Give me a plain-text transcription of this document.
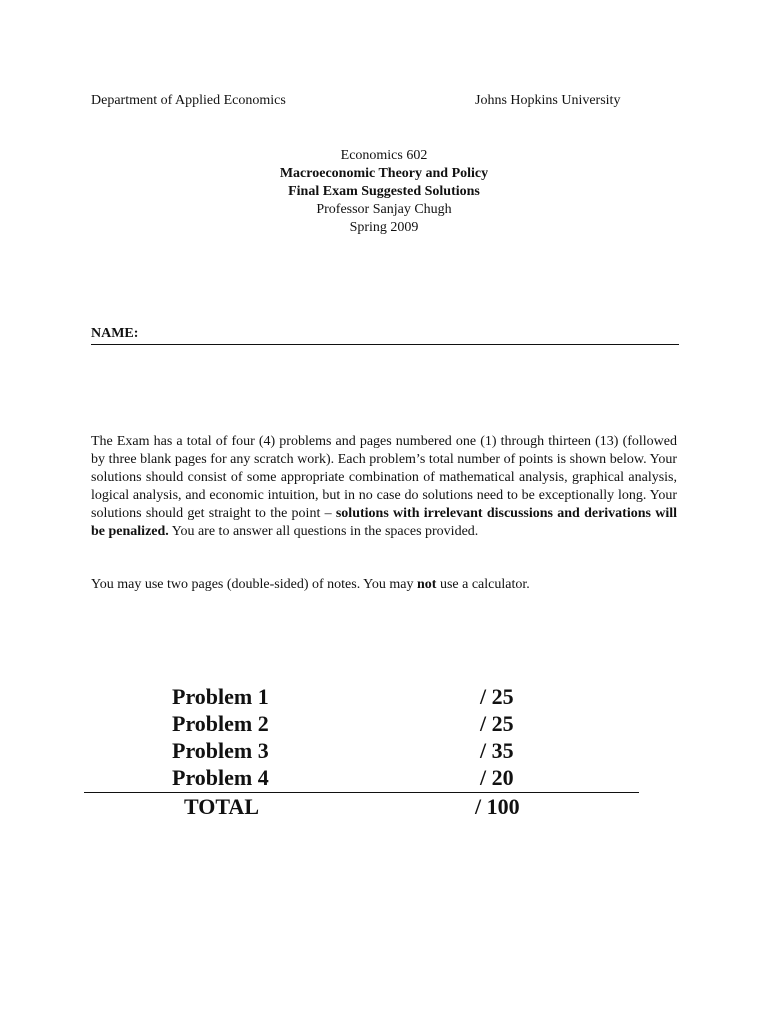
Department of Applied Economics	Johns Hopkins University
Economics 602
Macroeconomic Theory and Policy
Final Exam Suggested Solutions
Professor Sanjay Chugh
Spring 2009
NAME:
The Exam has a total of four (4) problems and pages numbered one (1) through thirteen (13) (followed by three blank pages for any scratch work). Each problem’s total number of points is shown below. Your solutions should consist of some appropriate combination of mathematical analysis, graphical analysis, logical analysis, and economic intuition, but in no case do solutions need to be exceptionally long. Your solutions should get straight to the point – solutions with irrelevant discussions and derivations will be penalized. You are to answer all questions in the spaces provided.
You may use two pages (double-sided) of notes. You may not use a calculator.
Problem 1	/ 25
Problem 2	/ 25
Problem 3	/ 35
Problem 4	/ 20
TOTAL	/ 100
